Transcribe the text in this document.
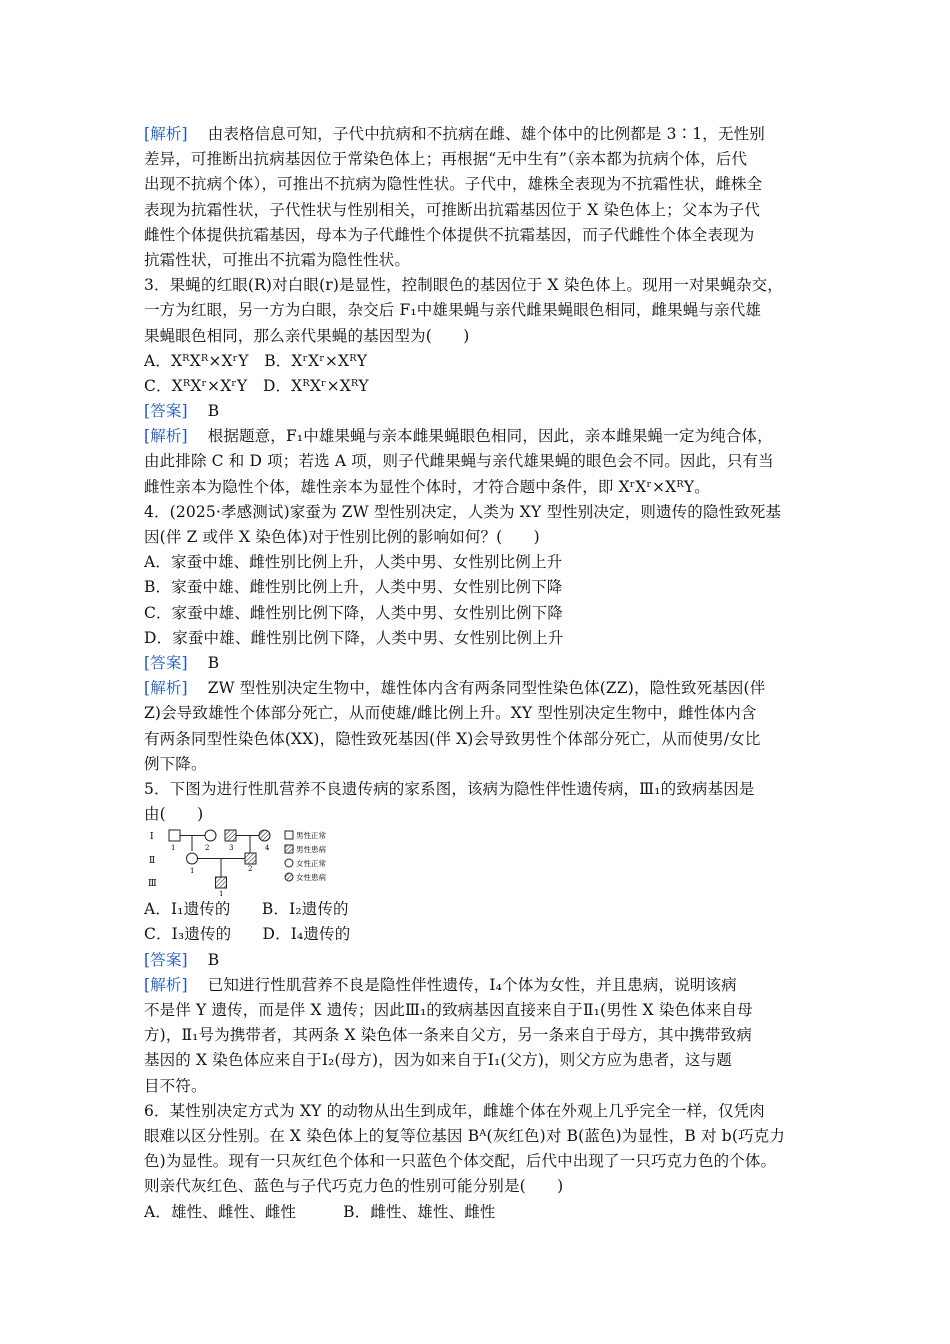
[解析] 由表格信息可知，子代中抗病和不抗病在雌、雄个体中的比例都是 3∶1，无性别
差异，可推断出抗病基因位于常染色体上；再根据“无中生有”（亲本都为抗病个体，后代
出现不抗病个体），可推出不抗病为隐性性状。子代中，雄株全表现为不抗霜性状，雌株全
表现为抗霜性状，子代性状与性别相关，可推断出抗霜基因位于 X 染色体上；父本为子代
雌性个体提供抗霜基因，母本为子代雌性个体提供不抗霜基因，而子代雌性个体全表现为
抗霜性状，可推出不抗霜为隐性性状。
3．果蝇的红眼(R)对白眼(r)是显性，控制眼色的基因位于 X 染色体上。现用一对果蝇杂交，
一方为红眼，另一方为白眼，杂交后 F₁中雄果蝇与亲代雌果蝇眼色相同，雌果蝇与亲代雄
果蝇眼色相同，那么亲代果蝇的基因型为(　　)
A．XᴿXᴿ×XʳY　B．XʳXʳ×XᴿY
C．XᴿXʳ×XʳY　D．XᴿXʳ×XᴿY
[答案] B
[解析] 根据题意，F₁中雄果蝇与亲本雌果蝇眼色相同，因此，亲本雌果蝇一定为纯合体，
由此排除 C 和 D 项；若选 A 项，则子代雌果蝇与亲代雄果蝇的眼色会不同。因此，只有当
雌性亲本为隐性个体，雄性亲本为显性个体时，才符合题中条件，即 XʳXʳ×XᴿY。
4．(2025·孝感测试)家蚕为 ZW 型性别决定，人类为 XY 型性别决定，则遗传的隐性致死基
因(伴 Z 或伴 X 染色体)对于性别比例的影响如何？(　　)
A．家蚕中雄、雌性别比例上升，人类中男、女性别比例上升
B．家蚕中雄、雌性别比例上升，人类中男、女性别比例下降
C．家蚕中雄、雌性别比例下降，人类中男、女性别比例下降
D．家蚕中雄、雌性别比例下降，人类中男、女性别比例上升
[答案] B
[解析] ZW 型性别决定生物中，雄性体内含有两条同型性染色体(ZZ)，隐性致死基因(伴
Z)会导致雄性个体部分死亡，从而使雄/雌比例上升。XY 型性别决定生物中，雌性体内含
有两条同型性染色体(XX)，隐性致死基因(伴 X)会导致男性个体部分死亡，从而使男/女比
例下降。
5．下图为进行性肌营养不良遗传病的家系图，该病为隐性伴性遗传病，Ⅲ₁的致病基因是
由(　　)
Ⅰ
Ⅱ
Ⅲ
1	2	3	4
1	2
1
男性正常
男性患病
女性正常
女性患病
A．Ⅰ₁遗传的　　B．Ⅰ₂遗传的
C．Ⅰ₃遗传的　　D．Ⅰ₄遗传的
[答案] B
[解析] 已知进行性肌营养不良是隐性伴性遗传，Ⅰ₄个体为女性，并且患病，说明该病
不是伴 Y 遗传，而是伴 X 遗传；因此Ⅲ₁的致病基因直接来自于Ⅱ₁(男性 X 染色体来自母
方)，Ⅱ₁号为携带者，其两条 X 染色体一条来自父方，另一条来自于母方，其中携带致病
基因的 X 染色体应来自于Ⅰ₂(母方)，因为如来自于Ⅰ₁(父方)，则父方应为患者，这与题
目不符。
6．某性别决定方式为 XY 的动物从出生到成年，雌雄个体在外观上几乎完全一样，仅凭肉
眼难以区分性别。在 X 染色体上的复等位基因 Bᴬ(灰红色)对 B(蓝色)为显性，B 对 b(巧克力
色)为显性。现有一只灰红色个体和一只蓝色个体交配，后代中出现了一只巧克力色的个体。
则亲代灰红色、蓝色与子代巧克力色的性别可能分别是(　　)
A．雄性、雌性、雌性　　　B．雌性、雄性、雌性
